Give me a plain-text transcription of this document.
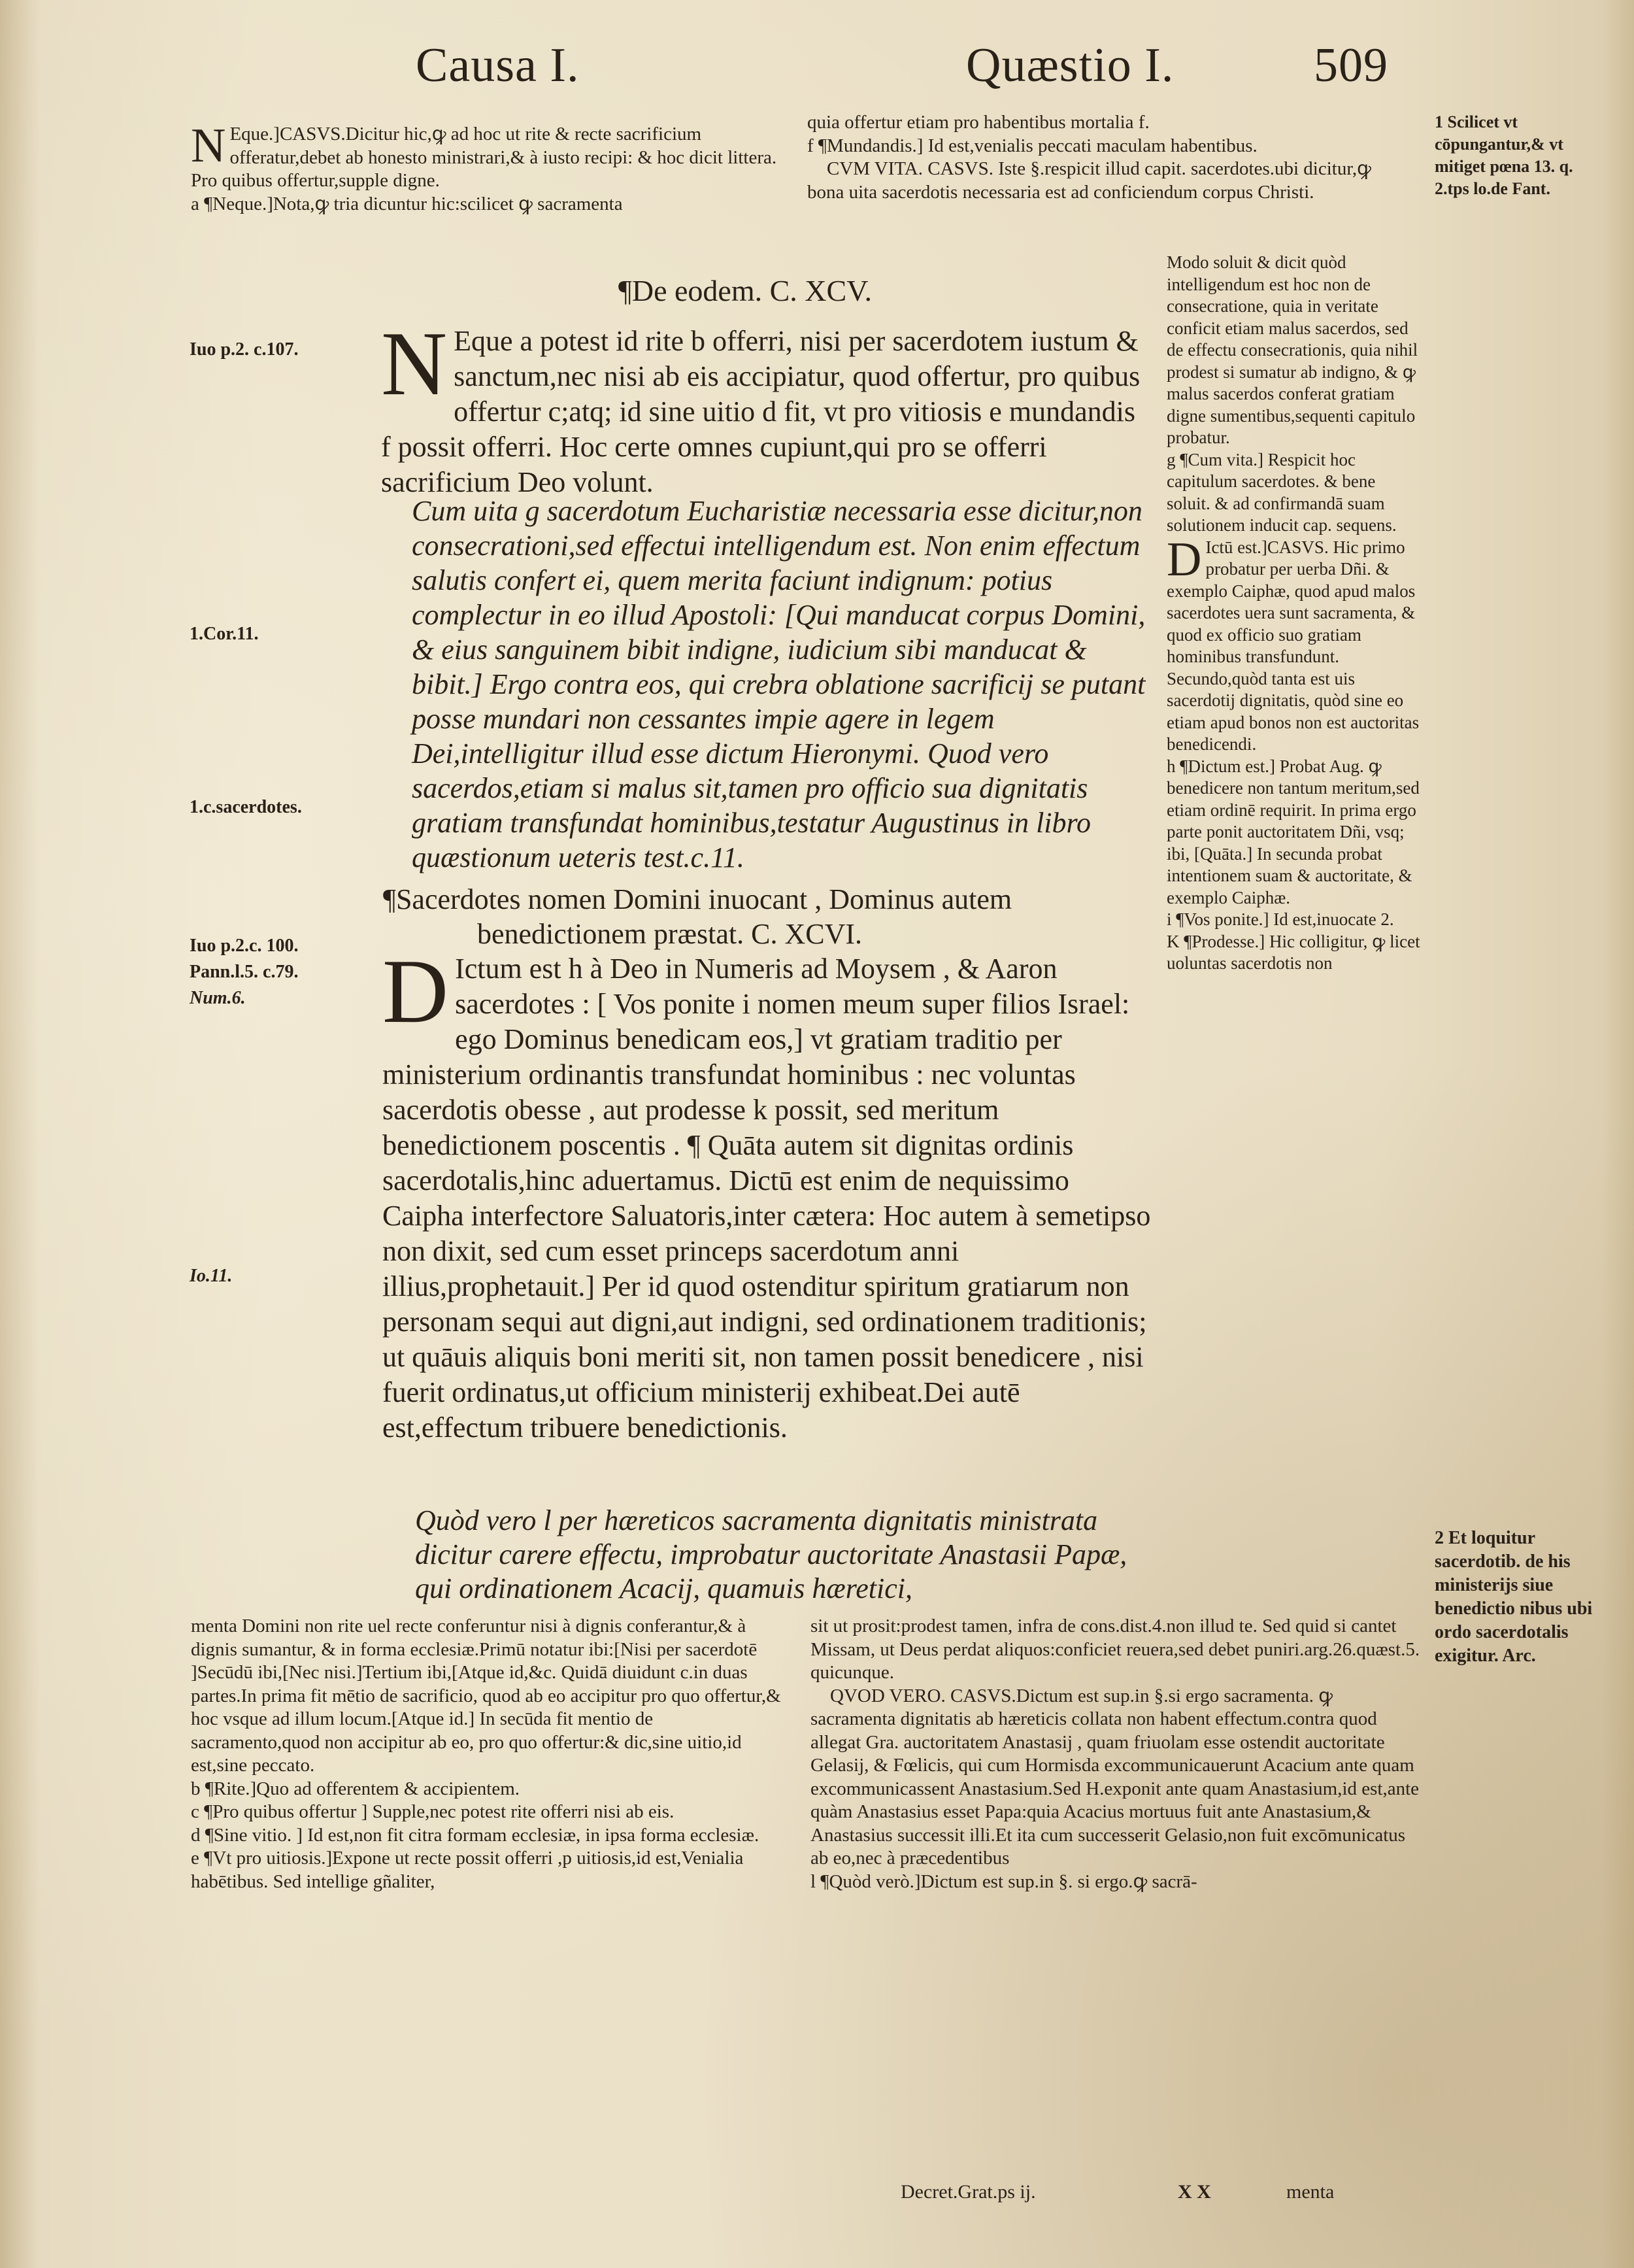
Causa I.	Quæstio I.	509
N Eque.]CASVS.Dicitur hic,ꝙ ad hoc ut rite & recte sacrificium offeratur,debet ab honesto ministrari,& à iusto recipi: & hoc dicit littera. Pro quibus offertur,supple digne.

a ¶Neque.]Nota,ꝙ tria dicuntur hic:scilicet ꝙ sacramenta

quia offertur etiam pro habentibus mortalia f.

f ¶Mundandis.] Id est,venialis peccati maculam habentibus.

CVM VITA. CASVS. Iste §.respicit illud capit. sacerdotes.ubi dicitur,ꝙ bona uita sacerdotis necessaria est ad conficiendum corpus Christi.

1 Scilicet vt cōpungantur,& vt mitiget pœna 13. q. 2.tps lo.de Fant.
¶De eodem. C. XCV.
Iuo p.2. c.107. N Eque a potest id rite b offerri, nisi per sacerdotem iustum & sanctum,nec nisi ab eis accipiatur, quod offertur, pro quibus offertur c;atq; id sine uitio d fit, vt pro vitiosis e mundandis f possit offerri. Hoc certe omnes cupiunt,qui pro se offerri sacrificium Deo volunt.

Cum uita g sacerdotum Eucharistiæ necessaria esse dicitur,non consecrationi,sed effectui intelligendum est. Non enim effectum salutis confert ei, quem merita faciunt indignum: potius complectur in eo illud Apostoli: [Qui manducat corpus Domini, & eius sanguinem bibit indigne, iudicium sibi manducat & bibit.] Ergo contra eos, qui crebra oblatione sacrificij se putant posse mundari non cessantes impie agere in legem Dei,intelligitur illud esse dictum Hieronymi. Quod vero sacerdos,etiam si malus sit,tamen pro officio sua dignitatis gratiam transfundat hominibus,testatur Augustinus in libro quæstionum ueteris test.c.11.
1.Cor.11.
1.c.sacerdotes.
¶Sacerdotes nomen Domini inuocant , Dominus autem
benedictionem præstat. C. XCVI.
Iuo p.2.c. 100.
Pann.l.5. c.79.
Num.6.
Io.11.
D Ictum est h à Deo in Numeris ad Moysem , & Aaron sacerdotes : [ Vos ponite i nomen meum super filios Israel: ego Dominus benedicam eos,] vt gratiam traditio per ministerium ordinantis transfundat hominibus : nec voluntas sacerdotis obesse , aut prodesse k possit, sed meritum benedictionem poscentis . ¶ Quāta autem sit dignitas ordinis sacerdotalis,hinc aduertamus. Dictū est enim de nequissimo Caipha interfectore Saluatoris,inter cætera: Hoc autem à semetipso non dixit, sed cum esset princeps sacerdotum anni illius,prophetauit.] Per id quod ostenditur spiritum gratiarum non personam sequi aut digni,aut indigni, sed ordinationem traditionis; ut quāuis aliquis boni meriti sit, non tamen possit benedicere , nisi fuerit ordinatus,ut officium ministerij exhibeat.Dei autē est,effectum tribuere benedictionis.

Quòd vero l per hæreticos sacramenta dignitatis ministrata dicitur carere effectu, improbatur auctoritate Anastasii Papæ, qui ordinationem Acacij, quamuis hæretici,

Modo soluit & dicit quòd intelligendum est hoc non de consecratione, quia in veritate conficit etiam malus sacerdos, sed de effectu consecrationis, quia nihil prodest si sumatur ab indigno, & ꝙ malus sacerdos conferat gratiam digne sumentibus,sequenti capitulo probatur.

g ¶Cum vita.] Respicit hoc capitulum sacerdotes. & bene soluit. & ad confirmandā suam solutionem inducit cap. sequens.

D Ictū est.]CASVS. Hic primo probatur per uerba Dñi. & exemplo Caiphæ, quod apud malos sacerdotes uera sunt sacramenta, & quod ex officio suo gratiam hominibus transfundunt. Secundo,quòd tanta est uis sacerdotij dignitatis, quòd sine eo etiam apud bonos non est auctoritas benedicendi.

h ¶Dictum est.] Probat Aug. ꝙ benedicere non tantum meritum,sed etiam ordinē requirit. In prima ergo parte ponit auctoritatem Dñi, vsq; ibi, [Quāta.] In secunda probat intentionem suam & auctoritate, & exemplo Caiphæ.

i ¶Vos ponite.] Id est,inuocate 2.

K ¶Prodesse.] Hic colligitur, ꝙ licet uoluntas sacerdotis non

2 Et loquitur sacerdotib. de his ministerijs siue benedictio nibus ubi ordo sacerdotalis exigitur. Arc.

menta Domini non rite uel recte conferuntur nisi à dignis conferantur,& à dignis sumantur, & in forma ecclesiæ.Primū notatur ibi:[Nisi per sacerdotē ]Secūdū ibi,[Nec nisi.]Tertium ibi,[Atque id,&c. Quidā diuidunt c.in duas partes.In prima fit mētio de sacrificio, quod ab eo accipitur pro quo offertur,& hoc vsque ad illum locum.[Atque id.] In secūda fit mentio de sacramento,quod non accipitur ab eo, pro quo offertur:& dic,sine uitio,id est,sine peccato.

b ¶Rite.]Quo ad offerentem & accipientem.

c ¶Pro quibus offertur ] Supple,nec potest rite offerri nisi ab eis.

d ¶Sine vitio. ] Id est,non fit citra formam ecclesiæ, in ipsa forma ecclesiæ.

e ¶Vt pro uitiosis.]Expone ut recte possit offerri ,p uitiosis,id est,Venialia habētibus. Sed intellige gñaliter,

sit ut prosit:prodest tamen, infra de cons.dist.4.non illud te. Sed quid si cantet Missam, ut Deus perdat aliquos:conficiet reuera,sed debet puniri.arg.26.quæst.5. quicunque.

QVOD VERO. CASVS.Dictum est sup.in §.si ergo sacramenta. ꝙ sacramenta dignitatis ab hæreticis collata non habent effectum.contra quod allegat Gra. auctoritatem Anastasij , quam friuolam esse ostendit auctoritate Gelasij, & Fœlicis, qui cum Hormisda excommunicauerunt Acacium ante quam excommunicassent Anastasium.Sed H.exponit ante quam Anastasium,id est,ante quàm Anastasius esset Papa:quia Acacius mortuus fuit ante Anastasium,& Anastasius successit illi.Et ita cum successerit Gelasio,non fuit excōmunicatus ab eo,nec à præcedentibus

l ¶Quòd verò.]Dictum est sup.in §. si ergo.ꝙ sacrā-

Decret.Grat.ps ij.	X X	menta
